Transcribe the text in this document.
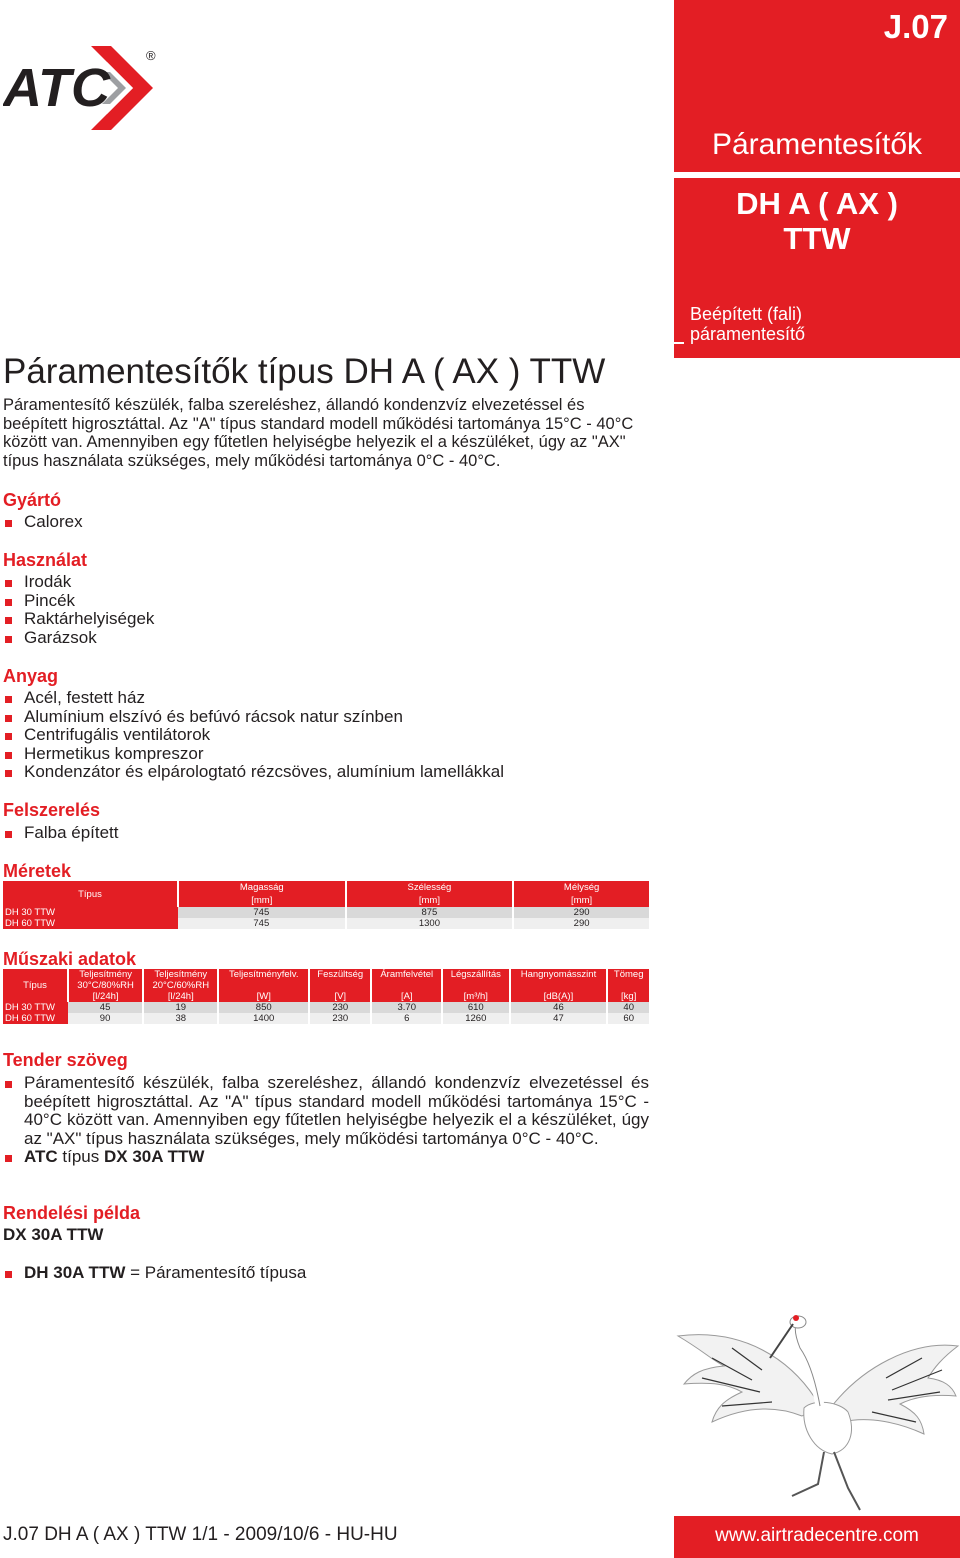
ATC
®
J.07
Páramentesítők
DH A ( AX )
TTW
Beépített (fali)
páramentesítő
Páramentesítők típus DH A ( AX ) TTW
Páramentesítő készülék, falba szereléshez, állandó kondenzvíz elvezetéssel és beépített higrosztáttal. Az "A" típus standard modell működési tartománya 15°C - 40°C között van. Amennyiben egy fűtetlen helyiségbe helyezik el a készüléket, úgy az "AX" típus használata szükséges, mely működési tartománya 0°C - 40°C.
Gyártó
Calorex
Használat
Irodák
Pincék
Raktárhelyiségek
Garázsok
Anyag
Acél, festett ház
Alumínium elszívó és befúvó rácsok natur színben
Centrifugális ventilátorok
Hermetikus kompreszor
Kondenzátor és elpárologtató rézcsöves, alumínium lamellákkal
Felszerelés
Falba épített
Méretek
Típus	Magasság	Szélesség	Mélység
	[mm]	[mm]	[mm]
DH 30 TTW	745	875	290
DH 60 TTW	745	1300	290
Műszaki adatok
Típus	Teljesítmény	Teljesítmény	Teljesítményfelv.	Feszültség	Áramfelvétel	Légszállítás	Hangnyomásszint	Tömeg
	30°C/80%RH	20°C/60%RH						
	[l/24h]	[l/24h]	[W]	[V]	[A]	[m³/h]	[dB(A)]	[kg]
DH 30 TTW	45	19	850	230	3.70	610	46	40
DH 60 TTW	90	38	1400	230	6	1260	47	60
Tender szöveg
Páramentesítő készülék, falba szereléshez, állandó kondenzvíz elvezetéssel és beépített higrosztáttal. Az "A" típus standard modell működési tartománya 15°C - 40°C között van. Amennyiben egy fűtetlen helyiségbe helyezik el a készüléket, úgy az "AX" típus használata szükséges, mely működési tartománya 0°C - 40°C.
ATC típus DX 30A TTW
Rendelési példa
DX 30A TTW
DH 30A TTW = Páramentesítő típusa
J.07 DH A ( AX ) TTW 1/1 - 2009/10/6 - HU-HU	www.airtradecentre.com
